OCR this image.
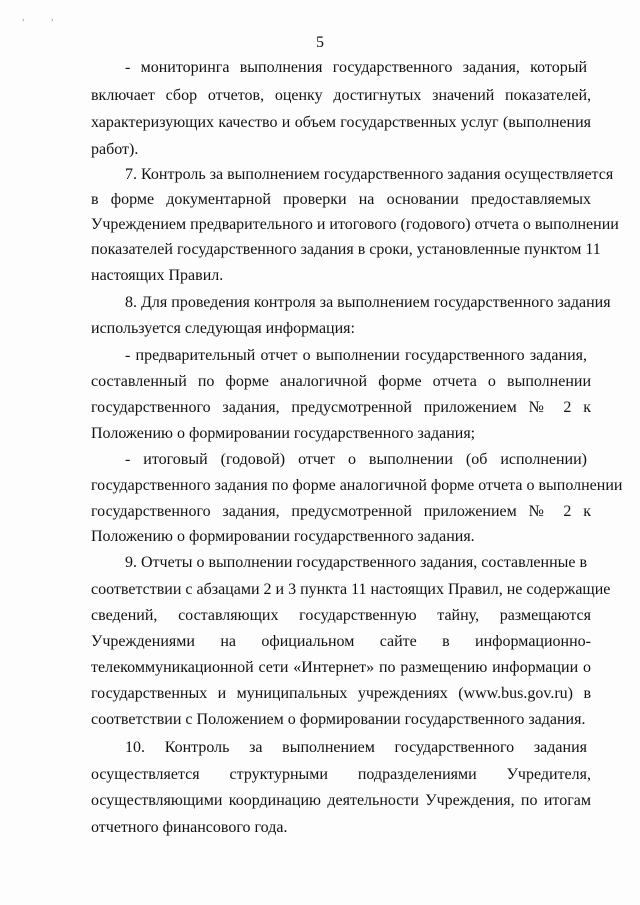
, ,
5
- мониторинга выполнения государственного задания, который
включает сбор отчетов, оценку достигнутых значений показателей,
характеризующих качество и объем государственных услуг (выполнения
работ).
7. Контроль за выполнением государственного задания осуществляется
в форме документарной проверки на основании предоставляемых
Учреждением предварительного и итогового (годового) отчета о выполнении
показателей государственного задания в сроки, установленные пунктом 11
настоящих Правил.
8. Для проведения контроля за выполнением государственного задания
используется следующая информация:
- предварительный отчет о выполнении государственного задания,
составленный по форме аналогичной форме отчета о выполнении
государственного задания, предусмотренной приложением № 2 к
Положению о формировании государственного задания;
- итоговый (годовой) отчет о выполнении (об исполнении)
государственного задания по форме аналогичной форме отчета о выполнении
государственного задания, предусмотренной приложением № 2 к
Положению о формировании государственного задания.
9. Отчеты о выполнении государственного задания, составленные в
соответствии с абзацами 2 и 3 пункта 11 настоящих Правил, не содержащие
сведений, составляющих государственную тайну, размещаются
Учреждениями на официальном сайте в информационно-
телекоммуникационной сети «Интернет» по размещению информации о
государственных и муниципальных учреждениях (www.bus.gov.ru) в
соответствии с Положением о формировании государственного задания.
10. Контроль за выполнением государственного задания
осуществляется структурными подразделениями Учредителя,
осуществляющими координацию деятельности Учреждения, по итогам
отчетного финансового года.
